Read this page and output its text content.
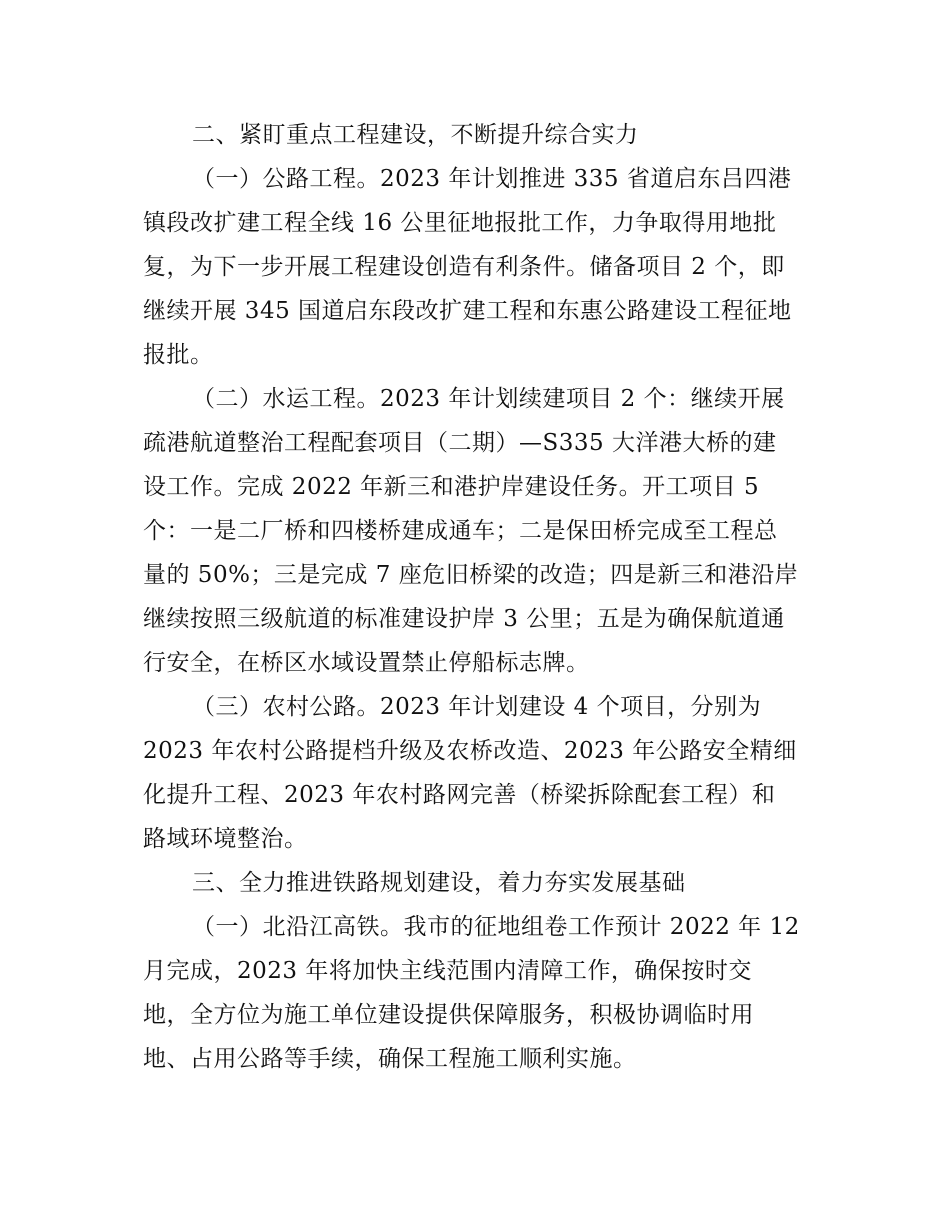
二、紧盯重点工程建设，不断提升综合实力
（一）公路工程。2023 年计划推进 335 省道启东吕四港
镇段改扩建工程全线 16 公里征地报批工作，力争取得用地批
复，为下一步开展工程建设创造有利条件。储备项目 2 个，即
继续开展 345 国道启东段改扩建工程和东惠公路建设工程征地
报批。
（二）水运工程。2023 年计划续建项目 2 个：继续开展
疏港航道整治工程配套项目（二期）—S335 大洋港大桥的建
设工作。完成 2022 年新三和港护岸建设任务。开工项目 5
个：一是二厂桥和四楼桥建成通车；二是保田桥完成至工程总
量的 50%；三是完成 7 座危旧桥梁的改造；四是新三和港沿岸
继续按照三级航道的标准建设护岸 3 公里；五是为确保航道通
行安全，在桥区水域设置禁止停船标志牌。
（三）农村公路。2023 年计划建设 4 个项目，分别为
2023 年农村公路提档升级及农桥改造、2023 年公路安全精细
化提升工程、2023 年农村路网完善（桥梁拆除配套工程）和
路域环境整治。
三、全力推进铁路规划建设，着力夯实发展基础
（一）北沿江高铁。我市的征地组卷工作预计 2022 年 12
月完成，2023 年将加快主线范围内清障工作，确保按时交
地，全方位为施工单位建设提供保障服务，积极协调临时用
地、占用公路等手续，确保工程施工顺利实施。
